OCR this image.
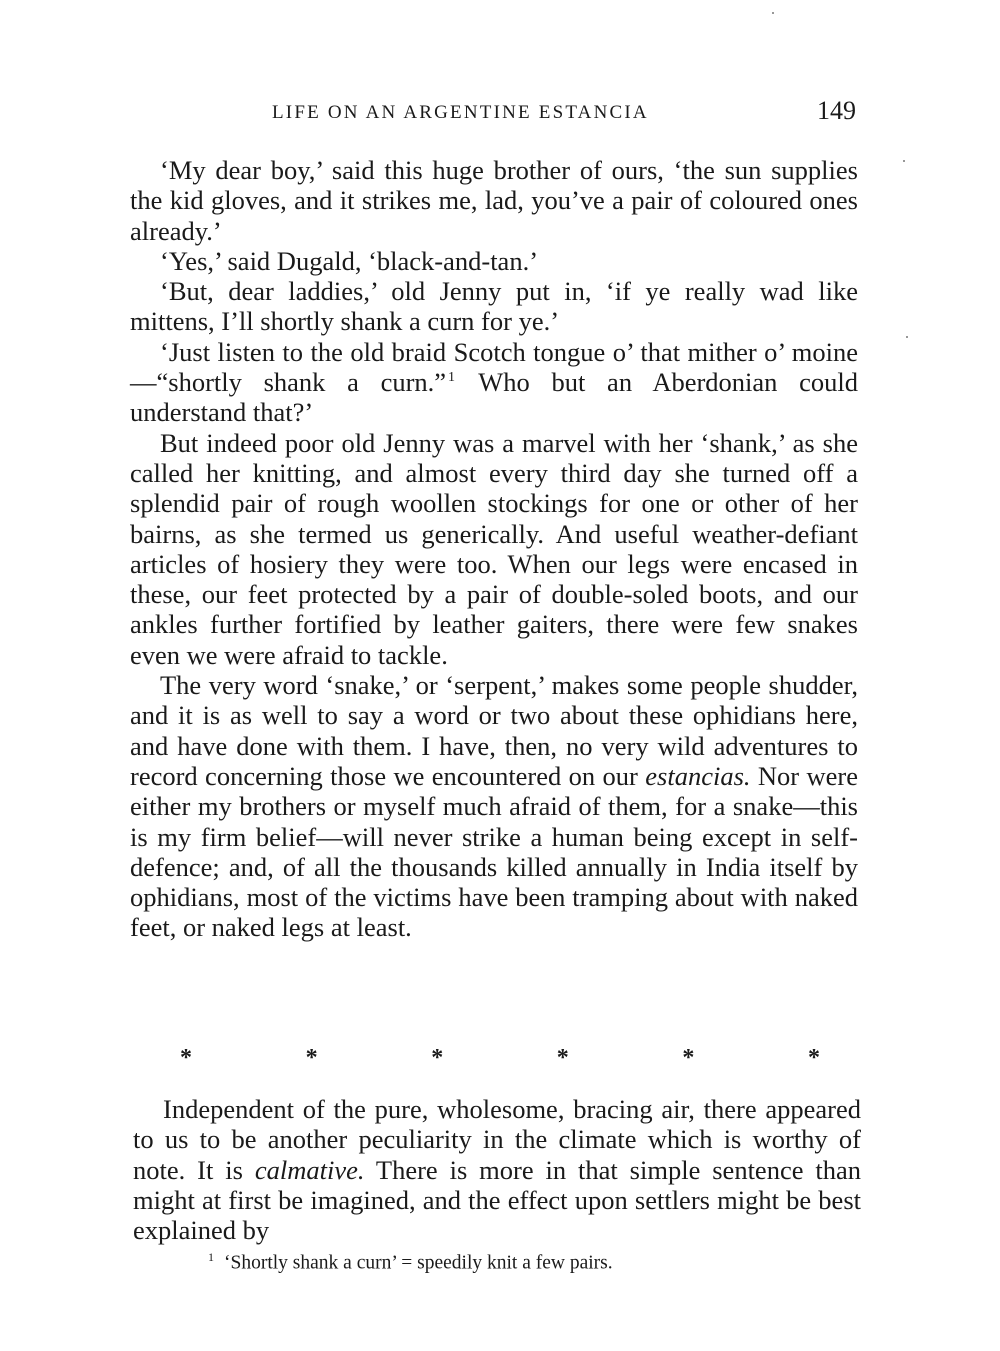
LIFE ON AN ARGENTINE ESTANCIA	149

‘My dear boy,’ said this huge brother of ours, ‘the sun supplies the kid gloves, and it strikes me, lad, you’ve a pair of coloured ones already.’

‘Yes,’ said Dugald, ‘black-and-tan.’

‘But, dear laddies,’ old Jenny put in, ‘if ye really wad like mittens, I’ll shortly shank a curn for ye.’

‘Just listen to the old braid Scotch tongue o’ that mither o’ moine—“shortly shank a curn.” $^1$ Who but an Aberdonian could understand that?’

But indeed poor old Jenny was a marvel with her ‘shank,’ as she called her knitting, and almost every third day she turned off a splendid pair of rough woollen stockings for one or other of her bairns, as she termed us generically. And useful weather-defiant articles of hosiery they were too. When our legs were encased in these, our feet protected by a pair of double-soled boots, and our ankles further fortified by leather gaiters, there were few snakes even we were afraid to tackle.

The very word ‘snake,’ or ‘serpent,’ makes some people shudder, and it is as well to say a word or two about these ophidians here, and have done with them. I have, then, no very wild adventures to record concerning those we encountered on our estancias. Nor were either my brothers or myself much afraid of them, for a snake—this is my firm belief—will never strike a human being except in self-defence; and, of all the thousands killed annually in India itself by ophidians, most of the victims have been tramping about with naked feet, or naked legs at least.

*	*	*	*	*	*

Independent of the pure, wholesome, bracing air, there appeared to us to be another peculiarity in the climate which is worthy of note. It is calmative. There is more in that simple sentence than might at first be imagined, and the effect upon settlers might be best explained by

$^1$ ‘Shortly shank a curn’ = speedily knit a few pairs.
